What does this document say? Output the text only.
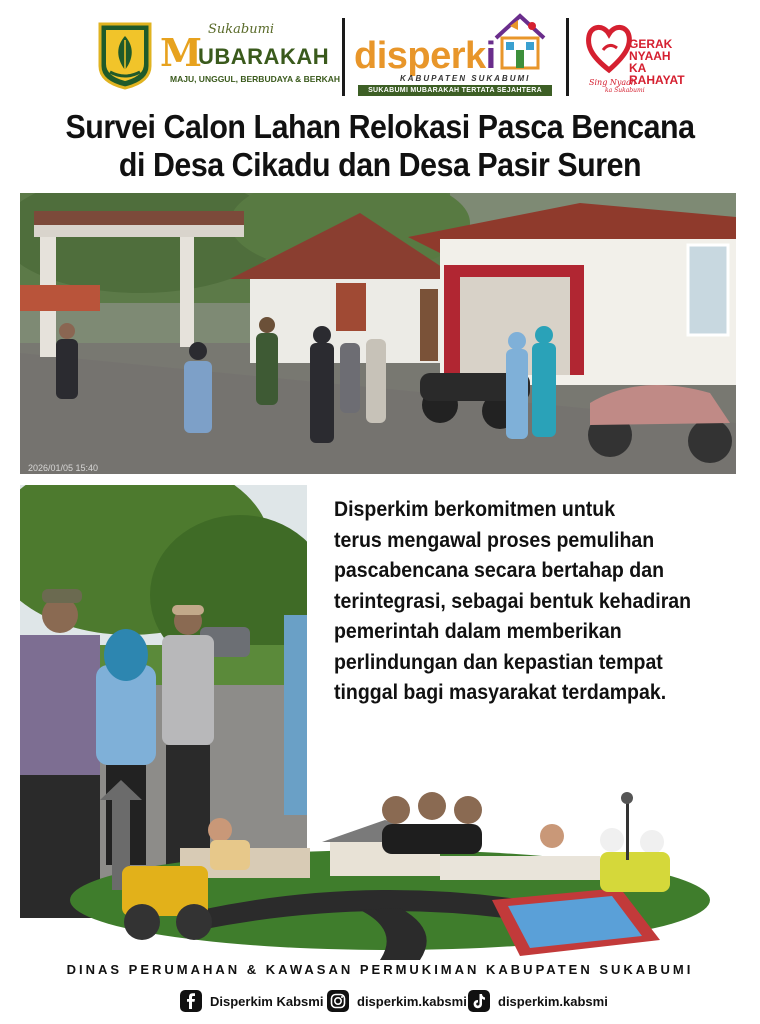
Sukabumi
M
UBARAKAH
MAJU, UNGGUL, BERBUDAYA & BERKAH
disperki
KABUPATEN SUKABUMI
SUKABUMI MUBARAKAH TERTATA SEJAHTERA
GERAK
NYAAH
KA
RAHAYAT
Sing Nyaah
ka Sukabumi
Survei Calon Lahan Relokasi Pasca Bencana
di Desa Cikadu dan Desa Pasir Suren
2026/01/05 15:40

Disperkim berkomitmen untuk

terus mengawal proses pemulihan

pascabencana secara bertahap dan

terintegrasi, sebagai bentuk kehadiran

pemerintah dalam memberikan

perlindungan dan kepastian tempat

tinggal bagi masyarakat terdampak.

DINAS PERUMAHAN & KAWASAN PERMUKIMAN KABUPATEN SUKABUMI
Disperkim Kabsmi	disperkim.kabsmi disperkim.kabsmi
